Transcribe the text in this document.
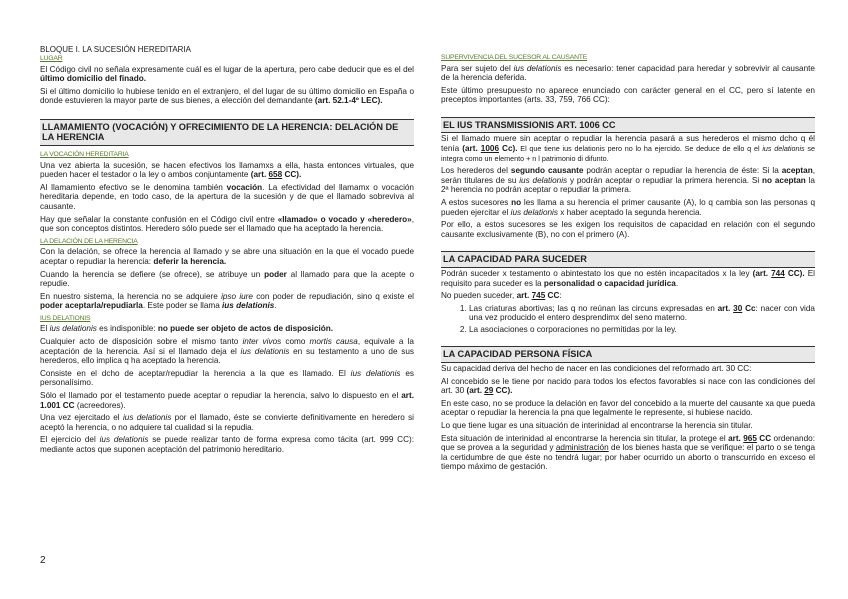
BLOQUE I. LA SUCESIÓN HEREDITARIA
LUGAR

El Código civil no señala expresamente cuál es el lugar de la apertura, pero cabe deducir que es el del último domicilio del finado.

Si el último domicilio lo hubiese tenido en el extranjero, el del lugar de su último domicilio en España o donde estuvieren la mayor parte de sus bienes, a elección del demandante (art. 52.1-4º LEC).

LLAMAMIENTO (VOCACIÓN) Y OFRECIMIENTO DE LA HERENCIA: DELACIÓN DE LA HERENCIA
LA VOCACIÓN HEREDITARIA

Una vez abierta la sucesión, se hacen efectivos los llamamxs a ella, hasta entonces virtuales, que pueden hacer el testador o la ley o ambos conjuntamente (art. 658 CC).

Al llamamiento efectivo se le denomina también vocación. La efectividad del llamamx o vocación hereditaria depende, en todo caso, de la apertura de la sucesión y de que el llamado sobreviva al causante.

Hay que señalar la constante confusión en el Código civil entre «llamado» o vocado y «heredero», que son conceptos distintos. Heredero sólo puede ser el llamado que ha aceptado la herencia.

LA DELACIÓN DE LA HERENCIA

Con la delación, se ofrece la herencia al llamado y se abre una situación en la que el vocado puede aceptar o repudiar la herencia: deferir la herencia.

Cuando la herencia se defiere (se ofrece), se atribuye un poder al llamado para que la acepte o repudie.

En nuestro sistema, la herencia no se adquiere ipso iure con poder de repudiación, sino q existe el poder aceptarla/repudiarla. Este poder se llama ius delationis.

IUS DELATIONIS

El ius delationis es indisponible: no puede ser objeto de actos de disposición.

Cualquier acto de disposición sobre el mismo tanto inter vivos como mortis causa, equivale a la aceptación de la herencia. Así si el llamado deja el ius delationis en su testamento a uno de sus herederos, ello implica q ha aceptado la herencia.

Consiste en el dcho de aceptar/repudiar la herencia a la que es llamado. El ius delationis es personalísimo.

Sólo el llamado por el testamento puede aceptar o repudiar la herencia, salvo lo dispuesto en el art. 1.001 CC (acreedores).

Una vez ejercitado el ius delationis por el llamado, éste se convierte definitivamente en heredero si aceptó la herencia, o no adquiere tal cualidad si la repudia.

El ejercicio del ius delationis se puede realizar tanto de forma expresa como tácita (art. 999 CC): mediante actos que suponen aceptación del patrimonio hereditario.

2
SUPERVIVENCIA DEL SUCESOR AL CAUSANTE

Para ser sujeto del ius delationis es necesario: tener capacidad para heredar y sobrevivir al causante de la herencia deferida.

Este último presupuesto no aparece enunciado con carácter general en el CC, pero sí latente en preceptos importantes (arts. 33, 759, 766 CC):

EL IUS TRANSMISSIONIS ART. 1006 CC

Si el llamado muere sin aceptar o repudiar la herencia pasará a sus herederos el mismo dcho q él tenía (art. 1006 Cc). El que tiene ius delationis pero no lo ha ejercido. Se deduce de ello q el ius delationis se integra como un elemento + n l patrimonio di difunto.

Los herederos del segundo causante podrán aceptar o repudiar la herencia de éste: Si la aceptan, serán titulares de su ius delationis y podrán aceptar o repudiar la primera herencia. Si no aceptan la 2ª herencia no podrán aceptar o repudiar la primera.

A estos sucesores no les llama a su herencia el primer causante (A), lo q cambia son las personas q pueden ejercitar el ius delationis x haber aceptado la segunda herencia.

Por ello, a estos sucesores se les exigen los requisitos de capacidad en relación con el segundo causante exclusivamente (B), no con el primero (A).

LA CAPACIDAD PARA SUCEDER

Podrán suceder x testamento o abintestato los que no estén incapacitados x la ley (art. 744 CC). El requisito para suceder es la personalidad o capacidad jurídica.

No pueden suceder, art. 745 CC:

1. Las criaturas abortivas; las q no reúnan las circuns expresadas en art. 30 Cc: nacer con vida una vez producido el entero desprendimx del seno materno.
2. La asociaciones o corporaciones no permitidas por la ley.
LA CAPACIDAD PERSONA FÍSICA

Su capacidad deriva del hecho de nacer en las condiciones del reformado art. 30 CC:

Al concebido se le tiene por nacido para todos los efectos favorables si nace con las condiciones del art. 30 (art. 29 CC).

En este caso, no se produce la delación en favor del concebido a la muerte del causante xa que pueda aceptar o repudiar la herencia la pna que legalmente le represente, si hubiese nacido.

Lo que tiene lugar es una situación de interinidad al encontrarse la herencia sin titular.

Esta situación de interinidad al encontrarse la herencia sin titular, la protege el art. 965 CC ordenando: que se provea a la seguridad y administración de los bienes hasta que se verifique: el parto o se tenga la certidumbre de que éste no tendrá lugar; por haber ocurrido un aborto o transcurrido en exceso el tiempo máximo de gestación.
